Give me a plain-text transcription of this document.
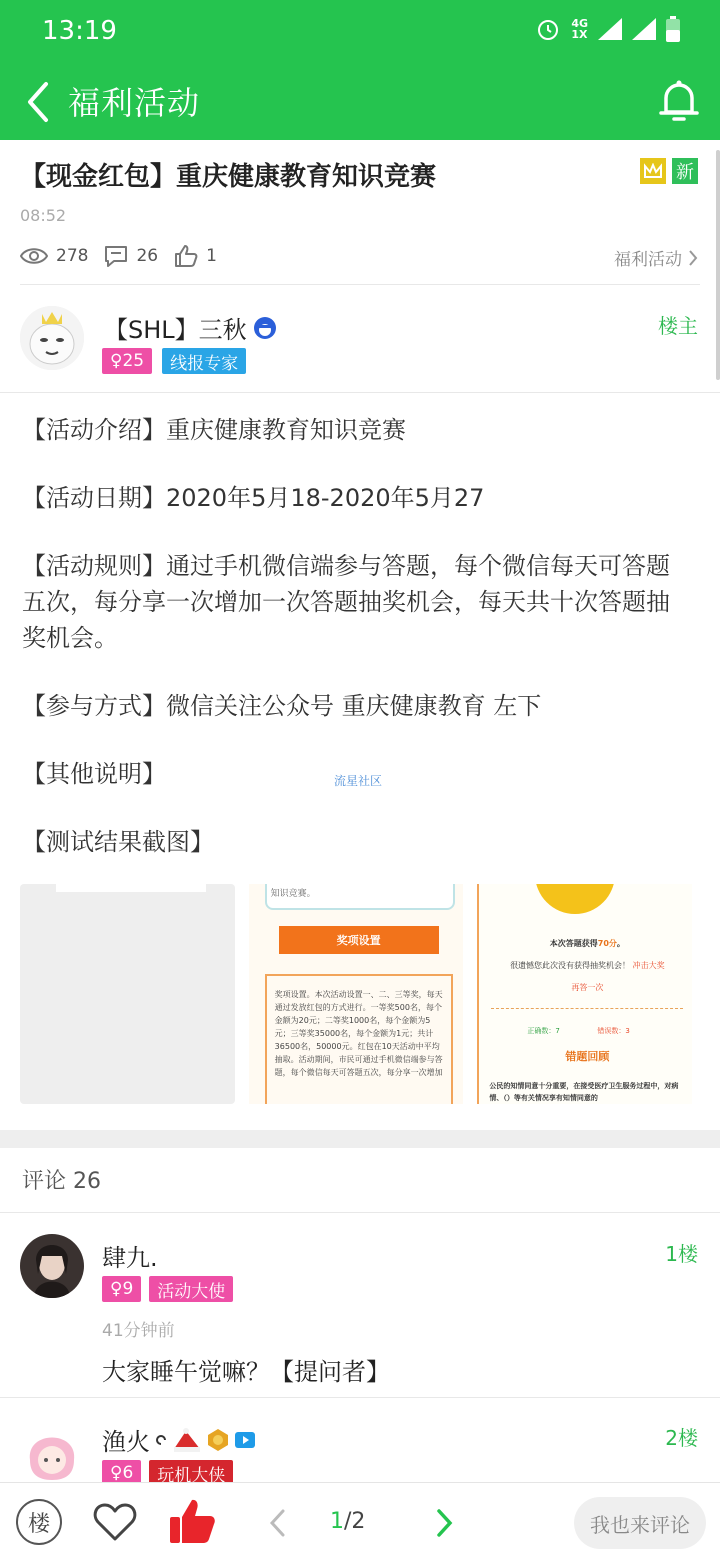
13:19	4G
1X
福利活动
【现金红包】重庆健康教育知识竞赛	新
08:52
278	26	1	福利活动
【SHL】三秋
♀25	线报专家
楼主

【活动介绍】重庆健康教育知识竞赛

【活动日期】2020年5月18-2020年5月27

【活动规则】通过手机微信端参与答题，每个微信每天可答题五次，每分享一次增加一次答题抽奖机会，每天共十次答题抽奖机会。

【参与方式】微信关注公众号 重庆健康教育 左下

【其他说明】

【测试结果截图】

流星社区
知识竞赛。
奖项设置
奖项设置。本次活动设置一、二、三等奖，每天通过发放红包的方式进行。一等奖500名，每个金额为20元；二等奖1000名，每个金额为5元；三等奖35000名，每个金额为1元；共计36500名，50000元。红包在10天活动中平均抽取。活动期间，市民可通过手机微信端参与答题，每个微信每天可答题五次，每分享一次增加
本次答题获得70分。
很遗憾您此次没有获得抽奖机会！ 冲击大奖
再答一次
正确数：7	错误数：3
错题回顾
公民的知情同意十分重要，在接受医疗卫生服务过程中，对病情、（）等有关情况享有知情同意的
评论 26
肆九.
♀9	活动大使
1楼
41分钟前
大家睡午觉嘛？【提问者】
渔火
♀6	玩机大侠
2楼
楼	1/2	我也来评论
